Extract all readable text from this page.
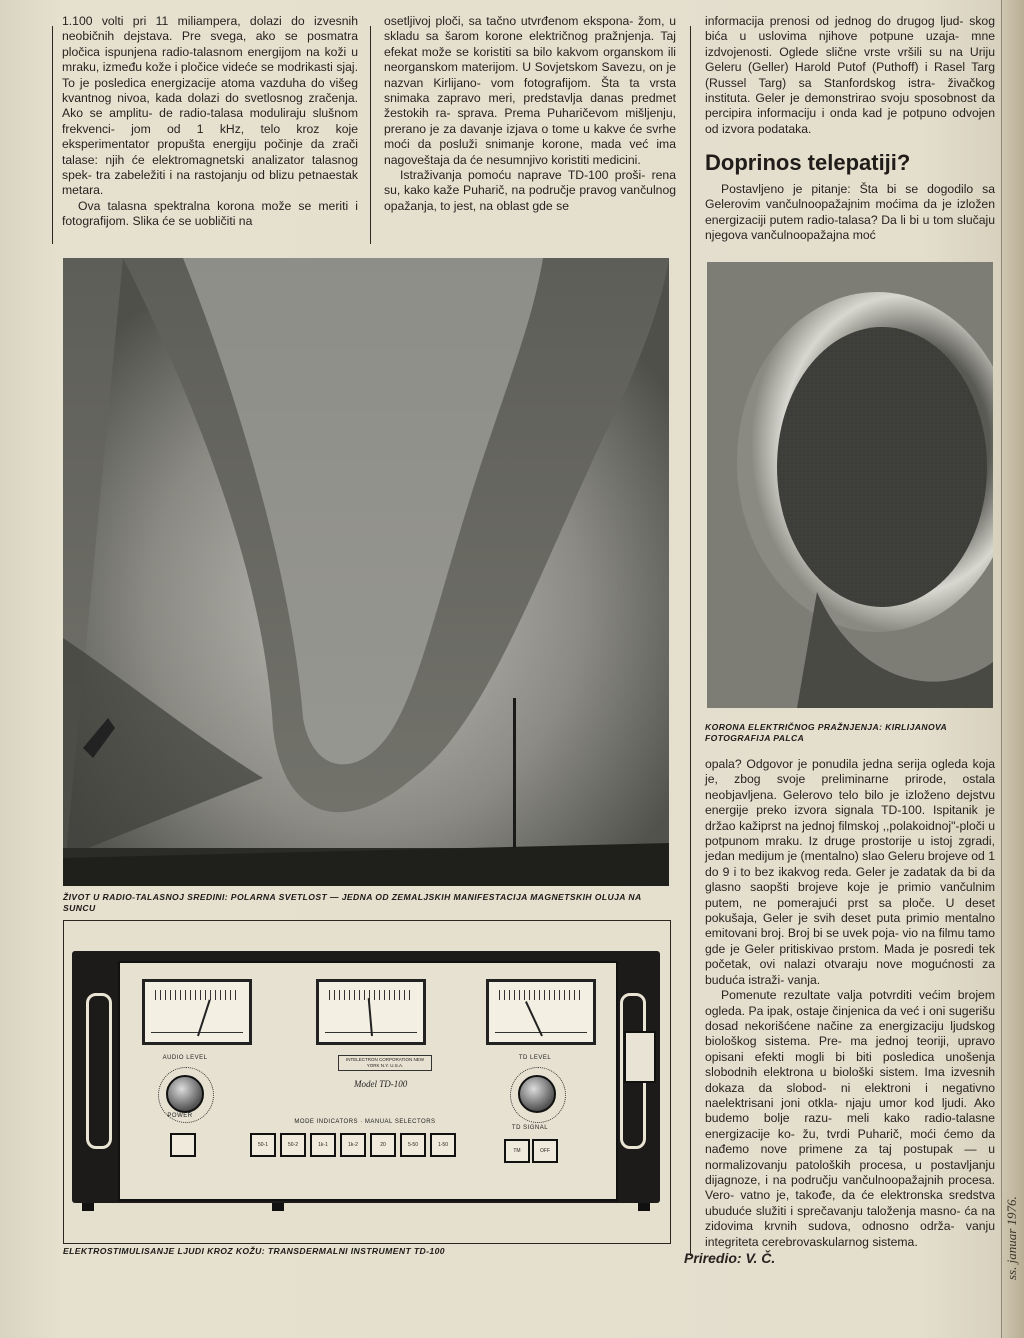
1.100 volti pri 11 miliampera, dolazi do izvesnih neobičnih dejstava. Pre svega, ako se posmatra pločica ispunjena radio-talasnom energijom na koži u mraku, između kože i pločice videće se modrikasti sjaj. To je posledica energizacije atoma vazduha do višeg kvantnog nivoa, kada dolazi do svetlosnog zračenja. Ako se amplitu- de radio-talasa moduliraju slušnom frekvenci- jom od 1 kHz, telo kroz koje eksperimentator propušta energiju počinje da zrači talase: njih će elektromagnetski analizator talasnog spek- tra zabeležiti i na rastojanju od blizu petnaestak metara.

Ova talasna spektralna korona može se meriti i fotografijom. Slika će se uobličiti na

osetljivoj ploči, sa tačno utvrđenom ekspona- žom, u skladu sa šarom korone električnog pražnjenja. Taj efekat može se koristiti sa bilo kakvom organskom ili neorganskom materijom. U Sovjetskom Savezu, on je nazvan Kirlijano- vom fotografijom. Šta ta vrsta snimaka zapravo meri, predstavlja danas predmet žestokih ra- sprava. Prema Puharičevom mišljenju, prerano je za davanje izjava o tome u kakve će svrhe moći da posluži snimanje korone, mada već ima nagoveštaja da će nesumnjivo koristiti medicini.

Istraživanja pomoću naprave TD-100 proši- rena su, kako kaže Puharič, na područje pravog vančulnog opažanja, to jest, na oblast gde se

informacija prenosi od jednog do drugog ljud- skog bića u uslovima njihove potpune uzaja- mne izdvojenosti. Oglede slične vrste vršili su na Uriju Geleru (Geller) Harold Putof (Puthoff) i Rasel Targ (Russel Targ) sa Stanfordskog istra- živačkog instituta. Geler je demonstrirao svoju sposobnost da percipira informaciju i onda kad je potpuno odvojen od izvora podataka.

Doprinos telepatiji?

Postavljeno je pitanje: Šta bi se dogodilo sa Gelerovim vančulnoopažajnim moćima da je izložen energizaciji putem radio-talasa? Da li bi u tom slučaju njegova vančulnoopažajna moć

ŽIVOT U RADIO-TALASNOJ SREDINI: POLARNA SVETLOST — JEDNA OD ZEMALJSKIH MANIFESTACIJA MAGNETSKIH OLUJA NA SUNCU
KORONA ELEKTRIČNOG PRAŽNJENJA: KIRLIJANOVA FOTOGRAFIJA PALCA

opala? Odgovor je ponudila jedna serija ogleda koja je, zbog svoje preliminarne prirode, ostala neobjavljena. Gelerovo telo bilo je izloženo dejstvu energije preko izvora signala TD-100. Ispitanik je držao kažiprst na jednoj filmskoj ,,polakoidnoj"-ploči u potpunom mraku. Iz druge prostorije u istoj zgradi, jedan medijum je (mentalno) slao Geleru brojeve od 1 do 9 i to bez ikakvog reda. Geler je zadatak da bi da glasno saopšti brojeve koje je primio vančulnim putem, ne pomerajući prst sa ploče. U deset pokušaja, Geler je svih deset puta primio mentalno emitovani broj. Broj bi se uvek poja- vio na filmu tamo gde je Geler pritiskivao prstom. Mada je posredi tek početak, ovi nalazi otvaraju nove mogućnosti za buduća istraži- vanja.

Pomenute rezultate valja potvrditi većim brojem ogleda. Pa ipak, ostaje činjenica da već i oni sugerišu dosad nekorišćene načine za energizaciju ljudskog biološkog sistema. Pre- ma jednoj teoriji, upravo opisani efekti mogli bi biti posledica unošenja slobodnih elektrona u biološki sistem. Ima izvesnih dokaza da slobod- ni elektroni i negativno naelektrisani joni otkla- njaju umor kod ljudi. Ako budemo bolje razu- meli kako radio-talasne energizacije ko- žu, tvrdi Puharič, moći ćemo da nađemo nove primene za taj postupak — u normalizovanju patoloških procesa, u postavljanju dijagnoze, i na području vančulnoopažajnih procesa. Vero- vatno je, takođe, da će elektronska sredstva ubuduće služiti i sprečavanju taloženja masno- ća na zidovima krvnih sudova, odnosno održa- vanju integriteta cerebrovaskularnog sistema.

Priredio: V. Č.
AUDIO LEVEL	INTELECTRON CORPORATION NEW YORK N.Y. U.S.A.
Model TD-100
TD LEVEL
POWER
MODE INDICATORS · MANUAL SELECTORS
50-1	50-2	1k-1	1k-2	20	5-50	1-50
TD SIGNAL
TM	OFF
ELEKTROSTIMULISANJE LJUDI KROZ KOŽU: TRANSDERMALNI INSTRUMENT TD-100	ss. januar 1976.
